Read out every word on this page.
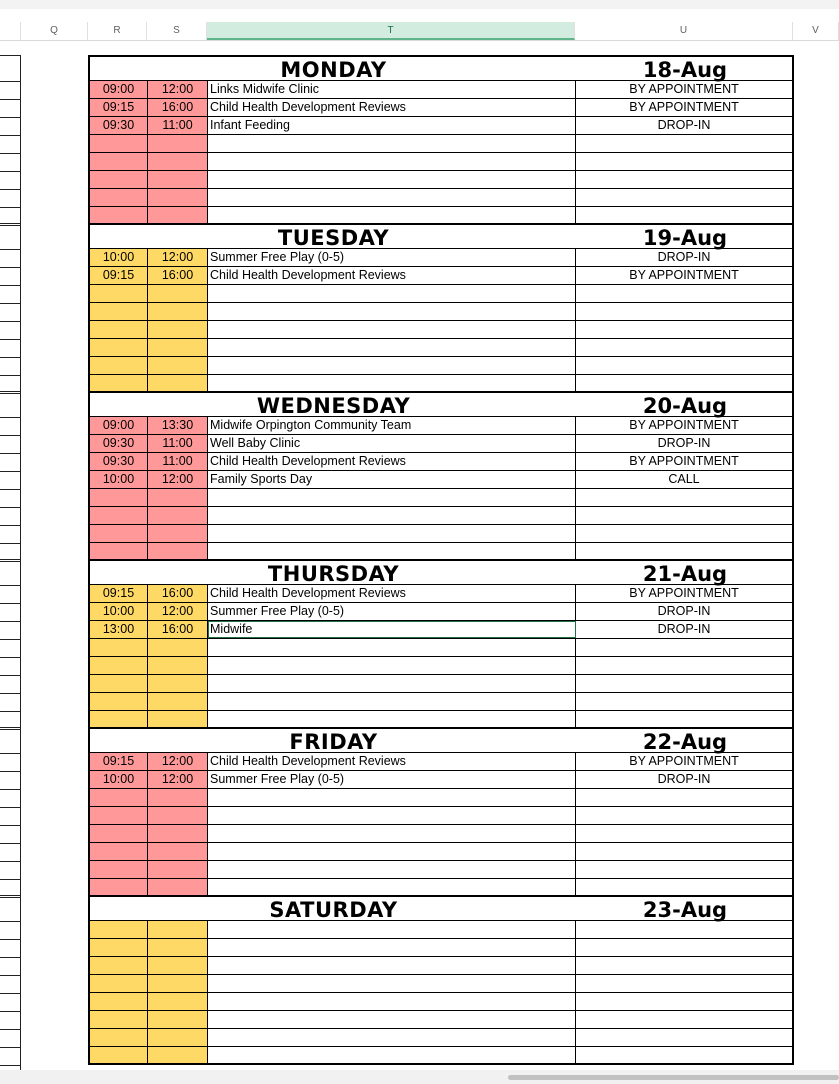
Q	R	S	T	U	V
MONDAY	18-Aug
09:00	12:00	Links Midwife Clinic	BY APPOINTMENT
09:15	16:00	Child Health Development Reviews	BY APPOINTMENT
09:30	11:00	Infant Feeding	DROP-IN
TUESDAY	19-Aug
10:00	12:00	Summer Free Play (0-5)	DROP-IN
09:15	16:00	Child Health Development Reviews	BY APPOINTMENT
WEDNESDAY	20-Aug
09:00	13:30	Midwife Orpington Community Team	BY APPOINTMENT
09:30	11:00	Well Baby Clinic	DROP-IN
09:30	11:00	Child Health Development Reviews	BY APPOINTMENT
10:00	12:00	Family Sports Day	CALL
THURSDAY	21-Aug
09:15	16:00	Child Health Development Reviews	BY APPOINTMENT
10:00	12:00	Summer Free Play (0-5)	DROP-IN
13:00	16:00	Midwife	DROP-IN
FRIDAY	22-Aug
09:15	12:00	Child Health Development Reviews	BY APPOINTMENT
10:00	12:00	Summer Free Play (0-5)	DROP-IN
SATURDAY	23-Aug
